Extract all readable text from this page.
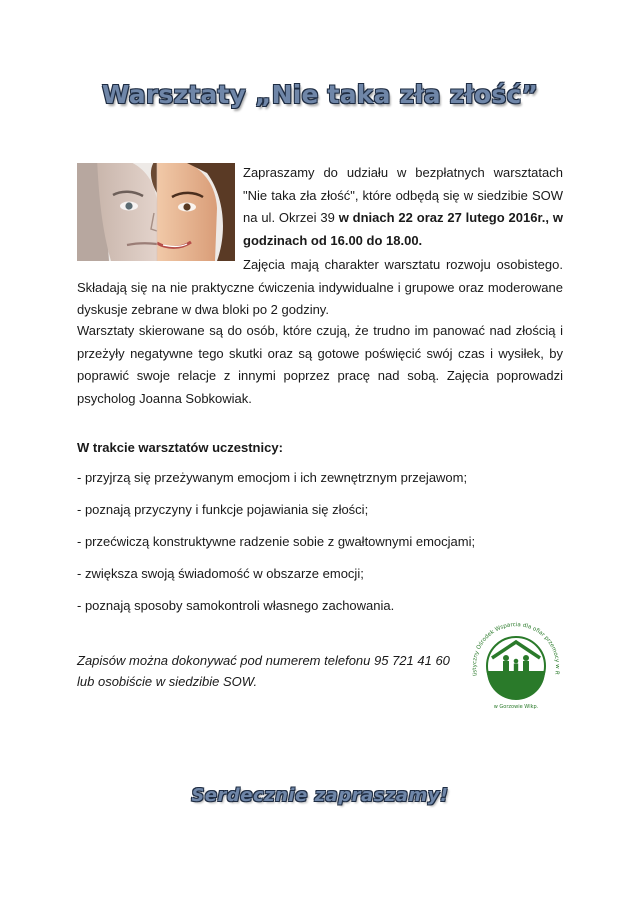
Warsztaty „Nie taka zła złość”

Zapraszamy do udziału w bezpłatnych warsztatach "Nie taka zła złość", które odbędą się w siedzibie SOW na ul. Okrzei 39 w dniach 22 oraz 27 lutego 2016r., w godzinach od 16.00 do 18.00.

Zajęcia mają charakter warsztatu rozwoju osobistego. Składają się na nie praktyczne ćwiczenia indywidualne i grupowe oraz moderowane dyskusje zebrane w dwa bloki po 2 godziny.

Warsztaty skierowane są do osób, które czują, że trudno im panować nad złością i przeżyły negatywne tego skutki oraz są gotowe poświęcić swój czas i wysiłek, by poprawić swoje relacje z innymi poprzez pracę nad sobą. Zajęcia poprowadzi psycholog Joanna Sobkowiak.

W trakcie warsztatów uczestnicy:

- przyjrzą się przeżywanym emocjom i ich zewnętrznym przejawom;
- poznają przyczyny i funkcje pojawiania się złości;
- przećwiczą konstruktywne radzenie sobie z gwałtownymi emocjami;
- zwiększa swoją świadomość w obszarze emocji;
- poznają sposoby samokontroli własnego zachowania.

Zapisów można dokonywać pod numerem telefonu 95 721 41 60
lub osobiście w siedzibie SOW.	listyczny Ośrodek Wsparcia dla ofiar przemocy w R
w Gorzowie Wlkp.

Serdecznie zapraszamy!
